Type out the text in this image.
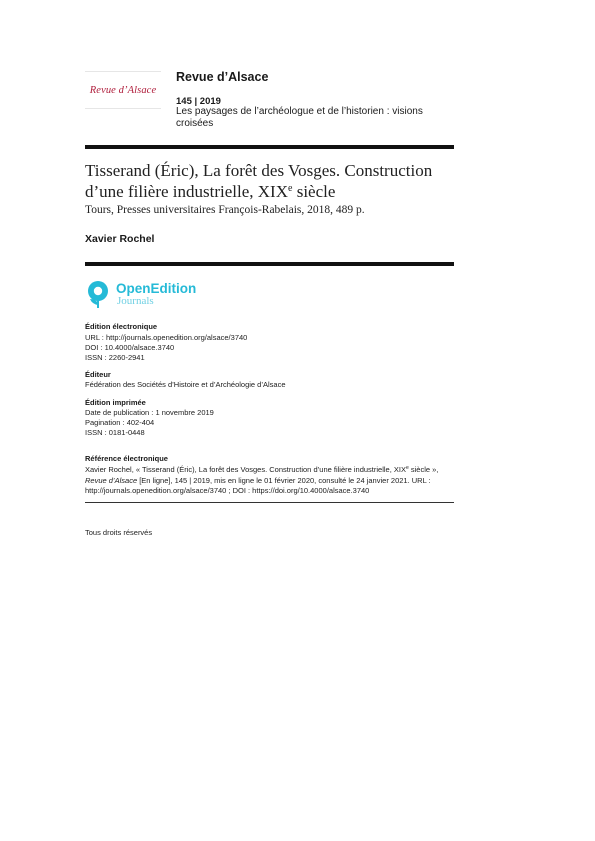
Revue d’Alsace
Revue d’Alsace
145 | 2019
Les paysages de l’archéologue et de l’historien : visions croisées
Tisserand (Éric), La forêt des Vosges. Construction d’une filière industrielle, XIXe siècle
Tours, Presses universitaires François-Rabelais, 2018, 489 p.
Xavier Rochel
OpenEdition
Journals
Édition électronique
URL : http://journals.openedition.org/alsace/3740
DOI : 10.4000/alsace.3740
ISSN : 2260-2941
Éditeur
Fédération des Sociétés d’Histoire et d’Archéologie d’Alsace
Édition imprimée
Date de publication : 1 novembre 2019
Pagination : 402-404
ISSN : 0181-0448
Référence électronique
Xavier Rochel, « Tisserand (Éric), La forêt des Vosges. Construction d’une filière industrielle, XIXe siècle », Revue d’Alsace [En ligne], 145 | 2019, mis en ligne le 01 février 2020, consulté le 24 janvier 2021. URL : http://journals.openedition.org/alsace/3740 ; DOI : https://doi.org/10.4000/alsace.3740
Tous droits réservés
